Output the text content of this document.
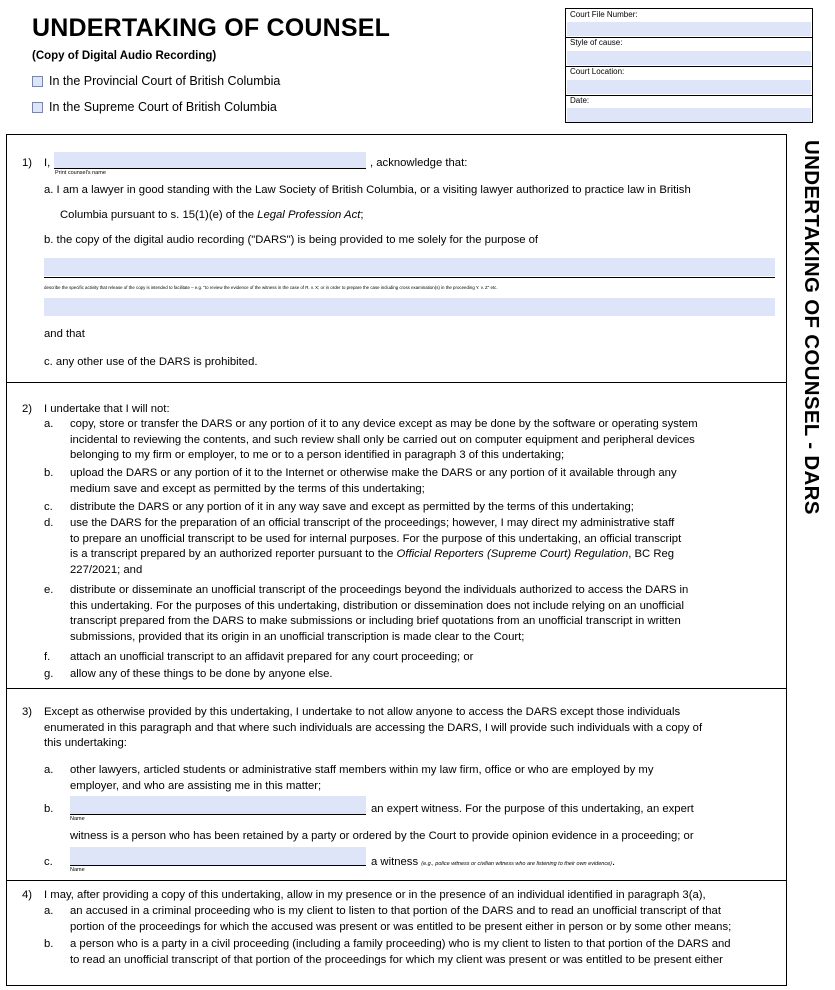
UNDERTAKING OF COUNSEL
(Copy of Digital Audio Recording)
In the Provincial Court of British Columbia
In the Supreme Court of British Columbia
Court File Number:
Style of cause:
Court Location:
Date:
UNDERTAKING OF COUNSEL - DARS
1) I,
Print counsel's name
, acknowledge that:
a. I am a lawyer in good standing with the Law Society of British Columbia, or a visiting lawyer authorized to practice law in British
Columbia pursuant to s. 15(1)(e) of the Legal Profession Act;
b. the copy of the digital audio recording ("DARS") is being provided to me solely for the purpose of
describe the specific activity that release of the copy is intended to facilitate – e.g. "to review the evidence of the witness in the case of R. v. X; or in order to prepare the case including cross examination(s) in the proceeding Y. v. Z" etc.
and that
c. any other use of the DARS is prohibited.
2) I undertake that I will not:
a. copy, store or transfer the DARS or any portion of it to any device except as may be done by the software or operating system
incidental to reviewing the contents, and such review shall only be carried out on computer equipment and peripheral devices
belonging to my firm or employer, to me or to a person identified in paragraph 3 of this undertaking;
b. upload the DARS or any portion of it to the Internet or otherwise make the DARS or any portion of it available through any
medium save and except as permitted by the terms of this undertaking;
c. distribute the DARS or any portion of it in any way save and except as permitted by the terms of this undertaking;
d. use the DARS for the preparation of an official transcript of the proceedings; however, I may direct my administrative staff
to prepare an unofficial transcript to be used for internal purposes. For the purpose of this undertaking, an official transcript
is a transcript prepared by an authorized reporter pursuant to the Official Reporters (Supreme Court) Regulation, BC Reg
227/2021; and
e. distribute or disseminate an unofficial transcript of the proceedings beyond the individuals authorized to access the DARS in
this undertaking. For the purposes of this undertaking, distribution or dissemination does not include relying on an unofficial
transcript prepared from the DARS to make submissions or including brief quotations from an unofficial transcript in written
submissions, provided that its origin in an unofficial transcription is made clear to the Court;
f. attach an unofficial transcript to an affidavit prepared for any court proceeding; or
g. allow any of these things to be done by anyone else.
3) Except as otherwise provided by this undertaking, I undertake to not allow anyone to access the DARS except those individuals
enumerated in this paragraph and that where such individuals are accessing the DARS, I will provide such individuals with a copy of
this undertaking:
a. other lawyers, articled students or administrative staff members within my law firm, office or who are employed by my
employer, and who are assisting me in this matter;
b.
Name
an expert witness. For the purpose of this undertaking, an expert
witness is a person who has been retained by a party or ordered by the Court to provide opinion evidence in a proceeding; or
c.
Name
a witness (e.g., police witness or civilian witness who are listening to their own evidence).
4) I may, after providing a copy of this undertaking, allow in my presence or in the presence of an individual identified in paragraph 3(a),
a. an accused in a criminal proceeding who is my client to listen to that portion of the DARS and to read an unofficial transcript of that
portion of the proceedings for which the accused was present or was entitled to be present either in person or by some other means;
b. a person who is a party in a civil proceeding (including a family proceeding) who is my client to listen to that portion of the DARS and
to read an unofficial transcript of that portion of the proceedings for which my client was present or was entitled to be present either
